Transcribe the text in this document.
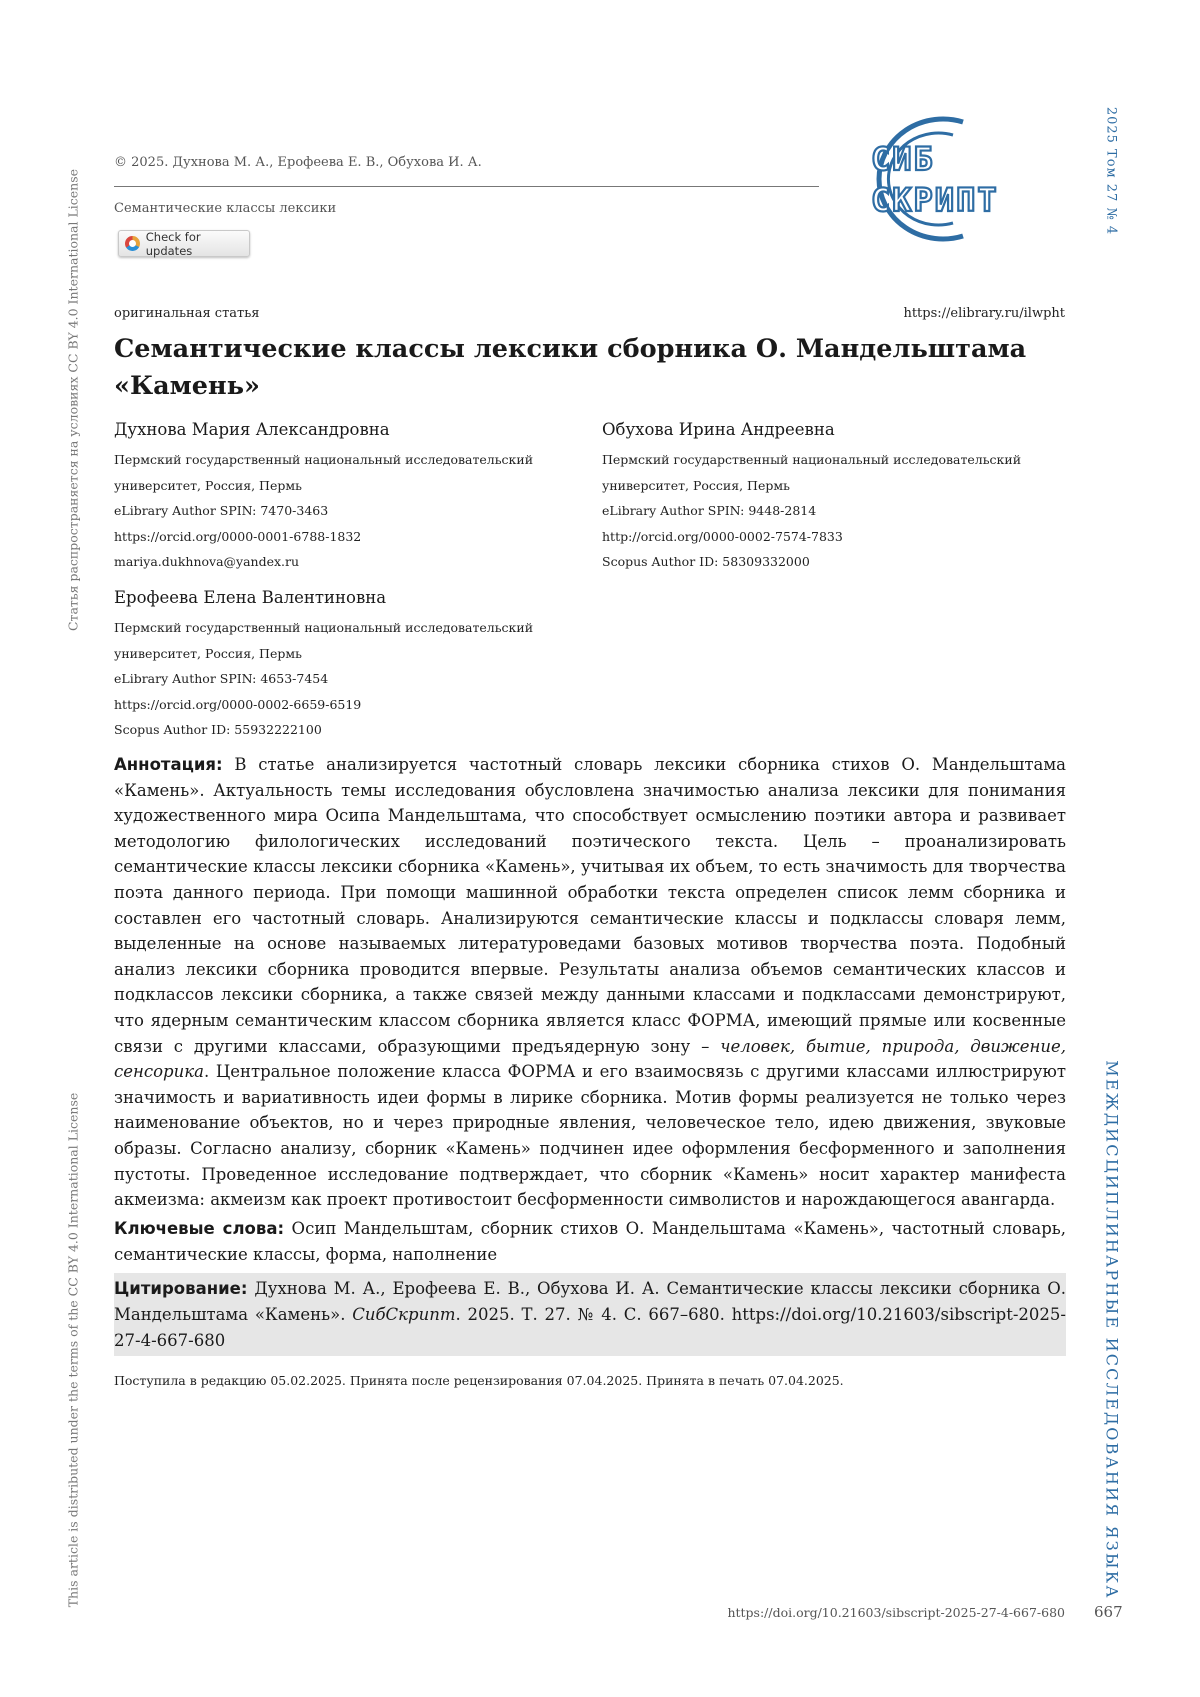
Статья распространяется на условиях CC BY 4.0 International License
This article is distributed under the terms of the CC BY 4.0 International License
2025 Том 27 № 4
МЕЖДИСЦИПЛИНАРНЫЕ ИССЛЕДОВАНИЯ ЯЗЫКА
© 2025. Духнова М. А., Ерофеева Е. В., Обухова И. А.
Семантические классы лексики
Check for updates
СИБ
СКРИПТ
оригинальная статья	https://elibrary.ru/ilwpht
Семантические классы лексики сборника О. Мандельштама «Камень»
Духнова Мария Александровна
Пермский государственный национальный исследовательский
университет, Россия, Пермь
eLibrary Author SPIN: 7470-3463
https://orcid.org/0000-0001-6788-1832
mariya.dukhnova@yandex.ru
Обухова Ирина Андреевна
Пермский государственный национальный исследовательский
университет, Россия, Пермь
eLibrary Author SPIN: 9448-2814
http://orcid.org/0000-0002-7574-7833
Scopus Author ID: 58309332000
Ерофеева Елена Валентиновна
Пермский государственный национальный исследовательский
университет, Россия, Пермь
eLibrary Author SPIN: 4653-7454
https://orcid.org/0000-0002-6659-6519
Scopus Author ID: 55932222100

Аннотация: В статье анализируется частотный словарь лексики сборника стихов О. Мандельштама «Камень». Актуальность темы исследования обусловлена значимостью анализа лексики для понимания художественного мира Осипа Мандельштама, что способствует осмыслению поэтики автора и развивает методологию филологических исследований поэтического текста. Цель – проанализировать семантические классы лексики сборника «Камень», учитывая их объем, то есть значимость для творчества поэта данного периода. При помощи машинной обработки текста определен список лемм сборника и составлен его частотный словарь. Анализируются семантические классы и подклассы словаря лемм, выделенные на основе называемых литературоведами базовых мотивов творчества поэта. Подобный анализ лексики сборника проводится впервые. Результаты анализа объемов семантических классов и подклассов лексики сборника, а также связей между данными классами и подклассами демонстрируют, что ядерным семантическим классом сборника является класс ФОРМА, имеющий прямые или косвенные связи с другими классами, образующими предъядерную зону – человек, бытие, природа, движение, сенсорика. Центральное положение класса ФОРМА и его взаимосвязь с другими классами иллюстрируют значимость и вариативность идеи формы в лирике сборника. Мотив формы реализуется не только через наименование объектов, но и через природные явления, человеческое тело, идею движения, звуковые образы. Согласно анализу, сборник «Камень» подчинен идее оформления бесформенного и заполнения пустоты. Проведенное исследование подтверждает, что сборник «Камень» носит характер манифеста акмеизма: акмеизм как проект противостоит бесформенности символистов и нарождающегося авангарда.

Ключевые слова: Осип Мандельштам, сборник стихов О. Мандельштама «Камень», частотный словарь, семантические классы, форма, наполнение

Цитирование: Духнова М. А., Ерофеева Е. В., Обухова И. А. Семантические классы лексики сборника О. Мандельштама «Камень». СибСкрипт. 2025. Т. 27. № 4. С. 667–680. https://doi.org/10.21603/sibscript-2025-27-4-667-680

Поступила в редакцию 05.02.2025. Принята после рецензирования 07.04.2025. Принята в печать 07.04.2025.
https://doi.org/10.21603/sibscript-2025-27-4-667-680 667
